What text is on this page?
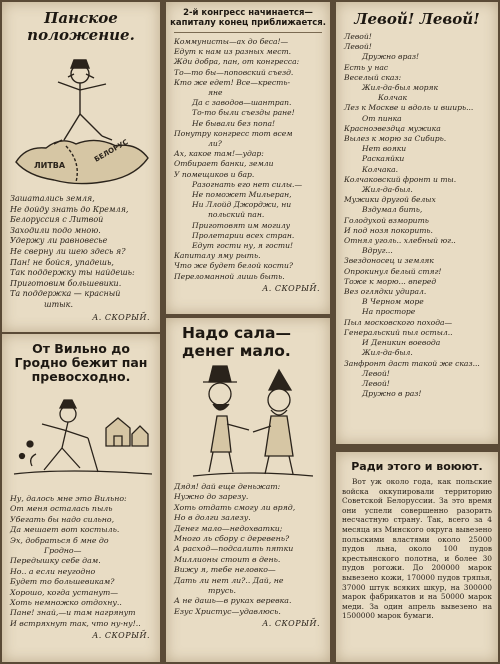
Панское положение.
ЛИТВА
БЕЛОРУС
Зашатались земля,
Не дойду знать до Кремля,
Белоруссия с Литвой
Заходили подо мною.
Удержу ли равновесье
Не сверну ли шею здесь я?
Пан! не бойся, упадешь,
Так поддержку ты найдешь:
Приготовим большевики.
Та поддержка — красный
штык.
А. СКОРЫЙ.
2-й конгресс начинается— капиталу конец приближается.
Коммунисты—ах до беса!—
Едут к нам из разных мест.
Жди добра, пан, от конгресса:
То—то бы—поповский съезд.
Кто же едет! Все—кресть-
яне
Да с заводов—шантрап.
То-то были съезды ране!
Не бывали без попа!
Понутру конгресс тот всем
ли?
Ах, какое там!—удар:
Отбирает банки, земли
У помещиков и бар.
Разогнать его нет силы.—
Не поможет Мильеран,
Ни Ллойд Джорджи, ни
польский пан.
Приготовят им могилу
Пролетарии всех стран.
Едут гости ну, я гости!
Капиталу яму рыть.
Что же будет белой кости?
Переломанной лишь быть.
А. СКОРЫЙ.
Левой! Левой!
Левой!
Левой!
Дружно враз!
Есть у нас
Веселый сказ:
Жил-да-был моряк
Колчак
Лез к Москве и вдоль и вширь...
От пинка
Красноэвездца мужика
Вылез к морю за Сибирь.
Нет вояки
Раскаяйки
Колчака.
Колчаковский фронт и ты.
Жил-да-был.
Мужики другой белых
Вздумал бить,
Голодухой взморить
И под нозя покорить.
Отнял уголь.. хлебный юг..
Вдруг...
Звездоносец и земляк
Опрокинул белый стяг!
Тоже к морю... вперед
Вез оглядки удирал.
В Черном море
На просторе
Пыл московского похода—
Генеральский пыл остыл..
И Деникин воевода
Жил-да-был.
Занфронт даст такой же сказ...
Левой!
Левой!
Дружно в раз!
От Вильно до Гродно бежит пан превосходно.
Ну, далось мне это Вильно:
От меня осталась пыль
Убегать бы надо сильно,
Да мешает вот костыль.
Эх, добраться б мне до
Гродно—
Передышку себе дам.
Но.. а если неугодно
Будет то большевикам?
Хорошо, когда устанут—
Хоть немножко отдохну..
Пане! знай,—и там нагрянут
И встряхнут так, что ну-ну!..
А. СКОРЫЙ.
Надо сала— денег мало.
Дядя! дай еще деньжат:
Нужно до зарезу.
Хоть отдать смогу ли вряд,
Но в долги залезу.
Денег мало—недохватки;
Много ль сбору с деревень?
А расход—подсалить пятки
Миллионы стоит в день.
Вижу я, тебе неловко—
Дать ли нет ли?.. Дай, не
трусь.
А не дашь—в руках веревка.
Езус Христус—удавлюсь.
А. СКОРЫЙ.
Ради этого и воюют.
Вот уж около года, как польские войска оккупировали территорию Советской Белоруссии. За это время они успели совершенно разорить несчастную страну. Так, всего за 4 месяца из Минского округа вывезено польскими властями около 25000 пудов льна, около 100 пудов крестьянского полотна, и более 30 пудов рогожи. До 200000 марок вывезено кожи, 170000 пудов тряпья, 37000 штук всяких шкур, на 300000 марок фабрикатов и на 50000 марок меди. За один апрель вывезено на 1500000 марок бумаги.
